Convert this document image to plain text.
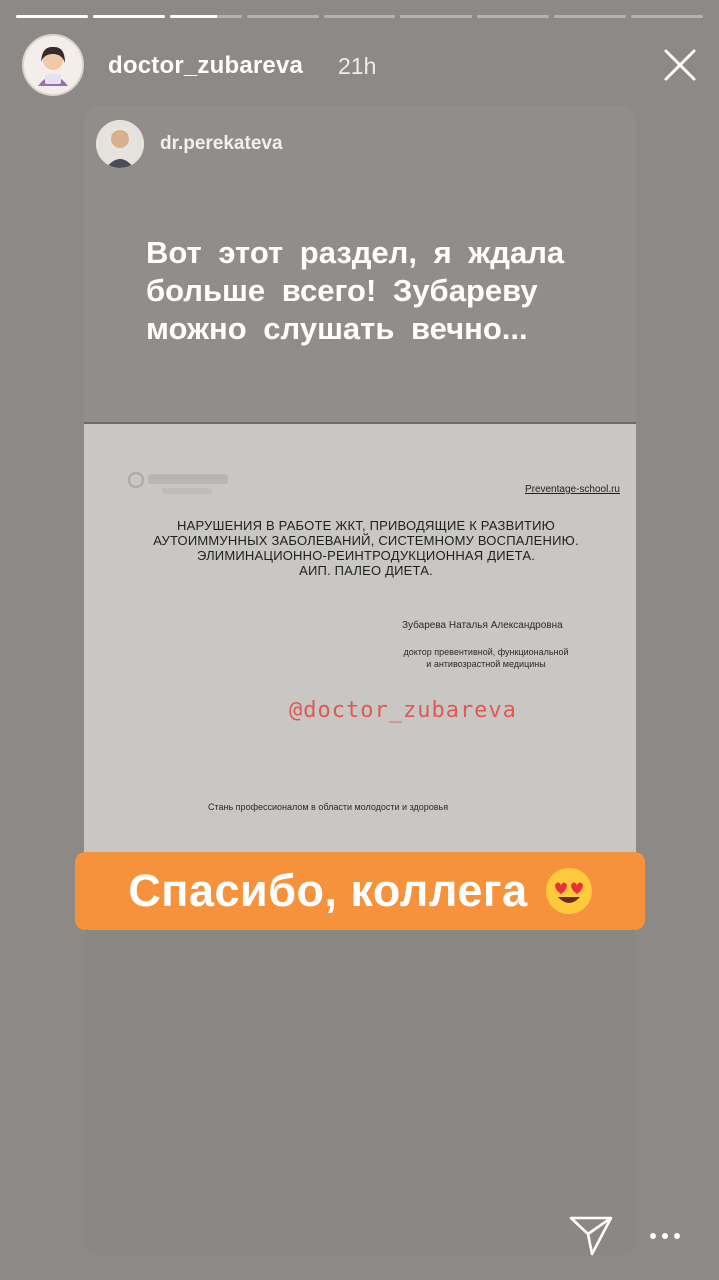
doctor_zubareva 21h
dr.perekateva
Вот этот раздел, я ждала больше всего! Зубареву можно слушать вечно...
Preventage-school.ru
НАРУШЕНИЯ В РАБОТЕ ЖКТ, ПРИВОДЯЩИЕ К РАЗВИТИЮ
АУТОИММУННЫХ ЗАБОЛЕВАНИЙ, СИСТЕМНОМУ ВОСПАЛЕНИЮ.
ЭЛИМИНАЦИОННО-РЕИНТРОДУКЦИОННАЯ ДИЕТА.
АИП. ПАЛЕО ДИЕТА.
Зубарева Наталья Александровна
доктор превентивной, функциональной
и антивозрастной медицины
@doctor_zubareva
Стань профессионалом в области молодости и здоровья
Спасибо, коллега
